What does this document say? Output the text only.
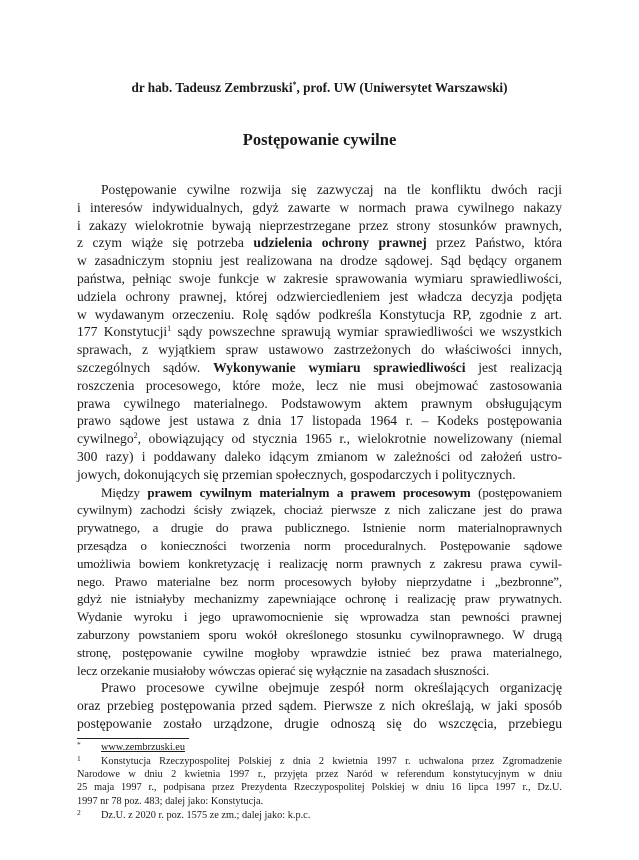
dr hab. Tadeusz Zembrzuski*, prof. UW (Uniwersytet Warszawski)
Postępowanie cywilne
Postępowanie cywilne rozwija się zazwyczaj na tle konfliktu dwóch racji
i interesów indywidualnych, gdyż zawarte w normach prawa cywilnego nakazy
i zakazy wielokrotnie bywają nieprzestrzegane przez strony stosunków prawnych,
z czym wiąże się potrzeba udzielenia ochrony prawnej przez Państwo, która
w zasadniczym stopniu jest realizowana na drodze sądowej. Sąd będący organem
państwa, pełniąc swoje funkcje w zakresie sprawowania wymiaru sprawiedliwości,
udziela ochrony prawnej, której odzwierciedleniem jest władcza decyzja podjęta
w wydawanym orzeczeniu. Rolę sądów podkreśla Konstytucja RP, zgodnie z art.
177 Konstytucji$^1$ sądy powszechne sprawują wymiar sprawiedliwości we wszystkich
sprawach, z wyjątkiem spraw ustawowo zastrzeżonych do właściwości innych,
szczególnych sądów. Wykonywanie wymiaru sprawiedliwości jest realizacją
roszczenia procesowego, które może, lecz nie musi obejmować zastosowania
prawa cywilnego materialnego. Podstawowym aktem prawnym obsługującym
prawo sądowe jest ustawa z dnia 17 listopada 1964 r. – Kodeks postępowania
cywilnego$^2$, obowiązujący od stycznia 1965 r., wielokrotnie nowelizowany (niemal
300 razy) i poddawany daleko idącym zmianom w zależności od założeń ustro-
jowych, dokonujących się przemian społecznych, gospodarczych i politycznych.
Między prawem cywilnym materialnym a prawem procesowym (postępowaniem
cywilnym) zachodzi ścisły związek, chociaż pierwsze z nich zaliczane jest do prawa
prywatnego, a drugie do prawa publicznego. Istnienie norm materialnoprawnych
przesądza o konieczności tworzenia norm proceduralnych. Postępowanie sądowe
umożliwia bowiem konkretyzację i realizację norm prawnych z zakresu prawa cywil-
nego. Prawo materialne bez norm procesowych byłoby nieprzydatne i „bezbronne”,
gdyż nie istniałyby mechanizmy zapewniające ochronę i realizację praw prywatnych.
Wydanie wyroku i jego uprawomocnienie się wprowadza stan pewności prawnej
zaburzony powstaniem sporu wokół określonego stosunku cywilnoprawnego. W drugą
stronę, postępowanie cywilne mogłoby wprawdzie istnieć bez prawa materialnego,
lecz orzekanie musiałoby wówczas opierać się wyłącznie na zasadach słuszności.
Prawo procesowe cywilne obejmuje zespół norm określających organizację
oraz przebieg postępowania przed sądem. Pierwsze z nich określają, w jaki sposób
postępowanie zostało urządzone, drugie odnoszą się do wszczęcia, przebiegu
*	www.zembrzuski.eu
1	Konstytucja Rzeczypospolitej Polskiej z dnia 2 kwietnia 1997 r. uchwalona przez Zgromadzenie
Narodowe w dniu 2 kwietnia 1997 r., przyjęta przez Naród w referendum konstytucyjnym w dniu
25 maja 1997 r., podpisana przez Prezydenta Rzeczypospolitej Polskiej w dniu 16 lipca 1997 r., Dz.U.
1997 nr 78 poz. 483; dalej jako: Konstytucja.
2	Dz.U. z 2020 r. poz. 1575 ze zm.; dalej jako: k.p.c.
